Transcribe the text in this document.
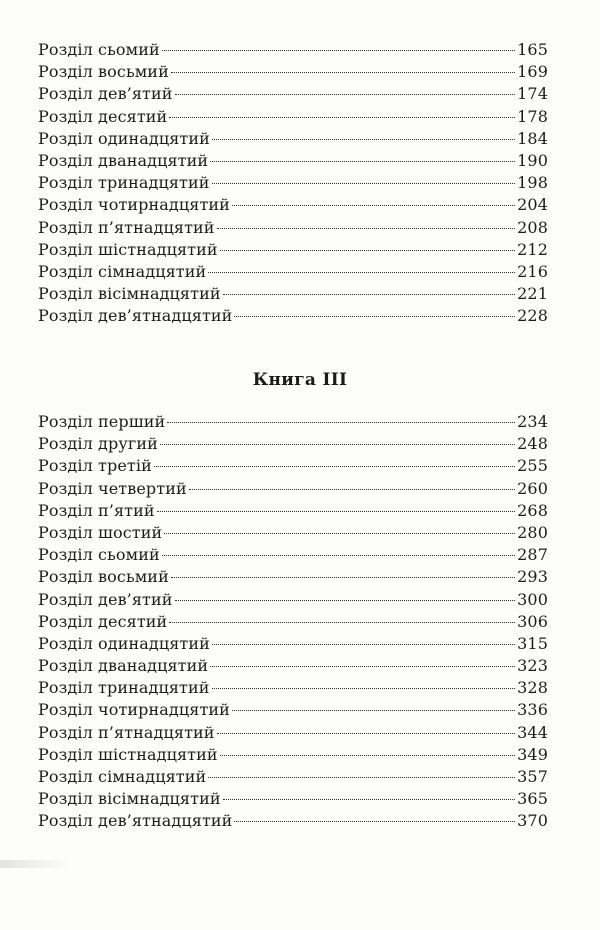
Розділ сьомий	165
Розділ восьмий	169
Розділ дев’ятий	174
Розділ десятий	178
Розділ одинадцятий	184
Розділ дванадцятий	190
Розділ тринадцятий	198
Розділ чотирнадцятий	204
Розділ п’ятнадцятий	208
Розділ шістнадцятий	212
Розділ сімнадцятий	216
Розділ вісімнадцятий	221
Розділ дев’ятнадцятий	228
Книга III
Розділ перший	234
Розділ другий	248
Розділ третій	255
Розділ четвертий	260
Розділ п’ятий	268
Розділ шостий	280
Розділ сьомий	287
Розділ восьмий	293
Розділ дев’ятий	300
Розділ десятий	306
Розділ одинадцятий	315
Розділ дванадцятий	323
Розділ тринадцятий	328
Розділ чотирнадцятий	336
Розділ п’ятнадцятий	344
Розділ шістнадцятий	349
Розділ сімнадцятий	357
Розділ вісімнадцятий	365
Розділ дев’ятнадцятий	370
